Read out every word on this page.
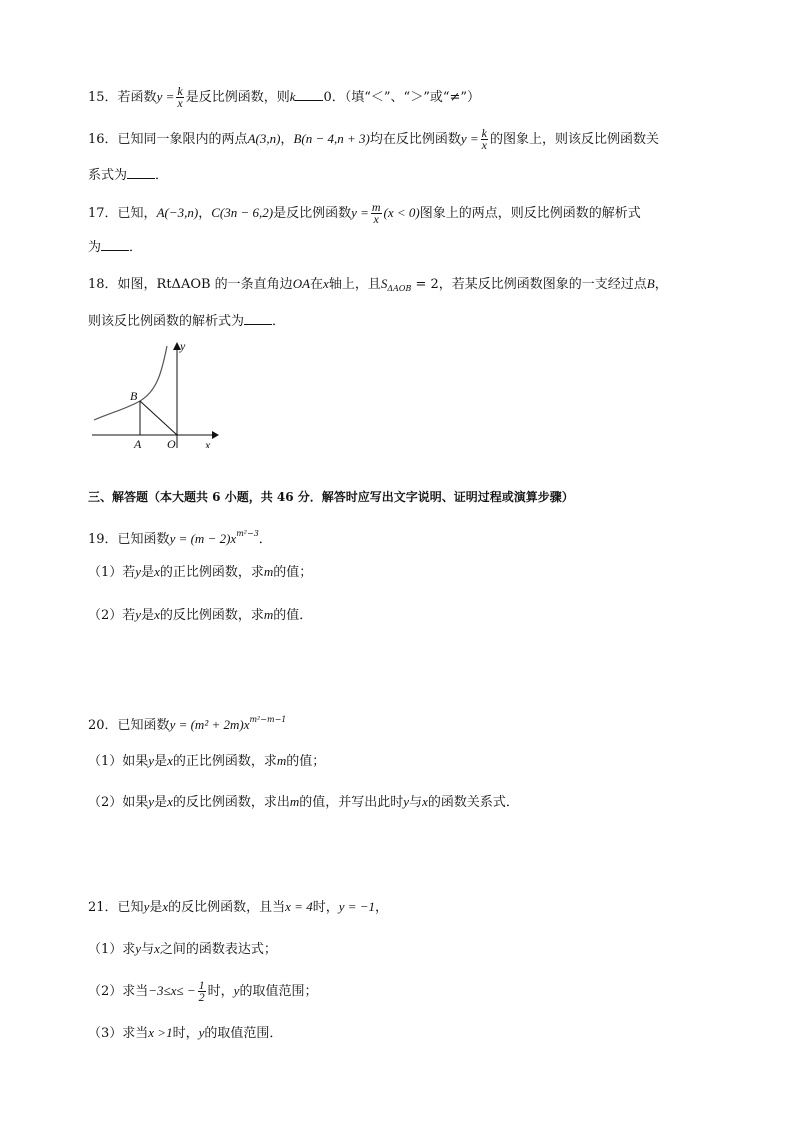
15．若函数$y = \frac{k}{x}$ 是反比例函数，则k 0．（填“＜”、“＞”或“≠”）
16．已知同一象限内的两点A(3,n)，B(n − 4,n + 3)均在反比例函数$y = \frac{k}{x}$ 的图象上，则该反比例函数关
系式为 ．
17．已知，A(−3,n)，C(3n − 6,2)是反比例函数$y = \frac{m}{x} (x < 0)$图象上的两点，则反比例函数的解析式
为 ．
18．如图，RtΔAOB 的一条直角边OA在x轴上，且$S_{\Delta AOB} = 2$，若某反比例函数图象的一支经过点B，
则该反比例函数的解析式为 ．
y
x
B
A O
三、解答题（本大题共 6 小题，共 46 分．解答时应写出文字说明、证明过程或演算步骤）
19．已知函数$y = (m - 2)x^{m^2-3}$．
（1）若y是x的正比例函数，求m的值；
（2）若y是x的反比例函数，求m的值．
20．已知函数$y = (m^2 + 2m)x^{m^2-m-1}$
（1）如果y是x的正比例函数，求m的值；
（2）如果y是x的反比例函数，求出m的值，并写出此时y与x的函数关系式．
21．已知y是x的反比例函数，且当x = 4时，y = −1，
（1）求y与x之间的函数表达式；
（2）求当$-3\le x\le - \frac{1}{2}$ 时，y的取值范围；
（3）求当x >1时，y的取值范围．
